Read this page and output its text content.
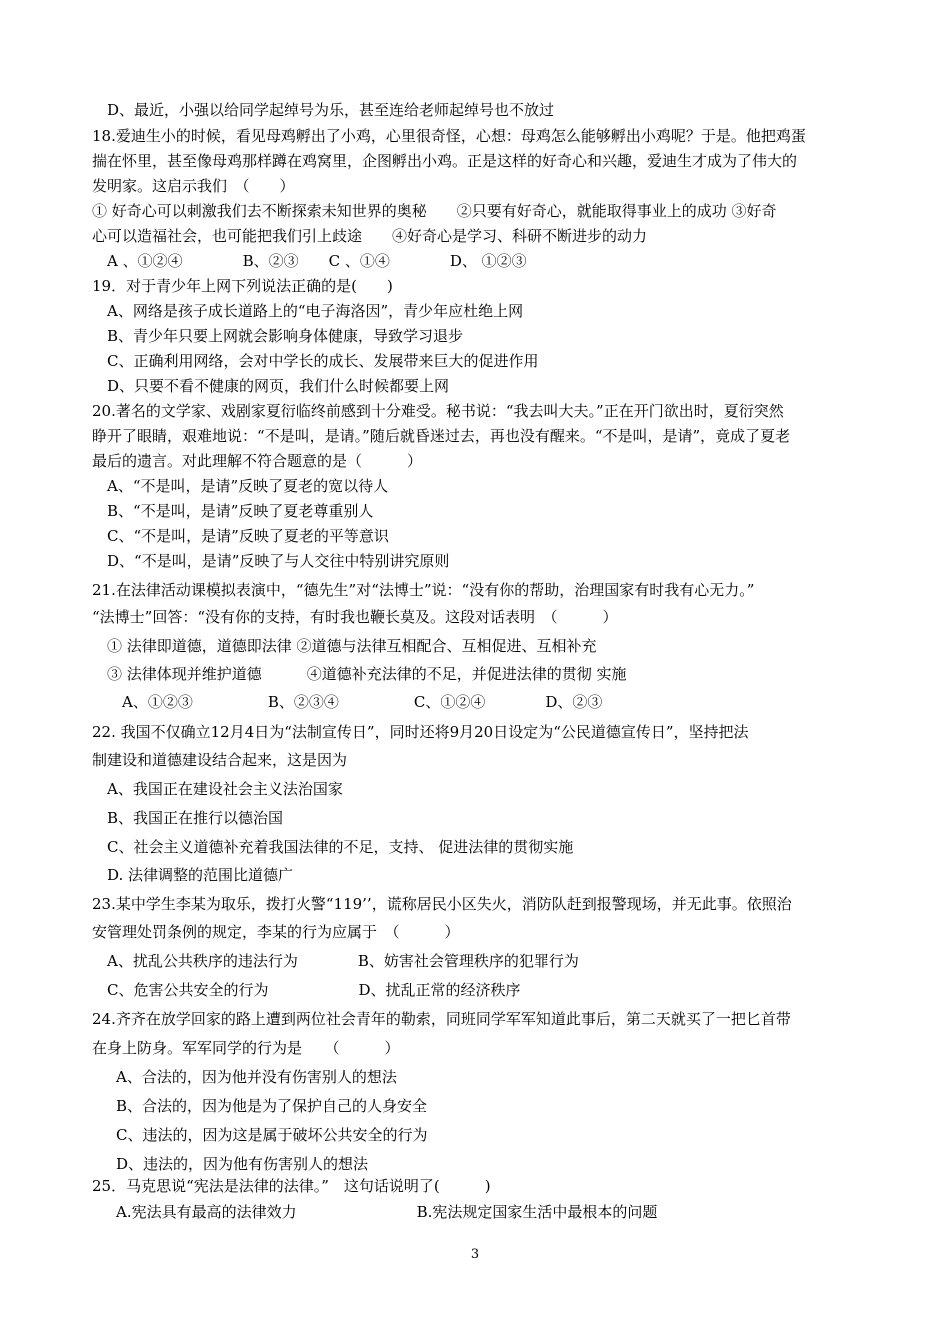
D、最近，小强以给同学起绰号为乐，甚至连给老师起绰号也不放过
18.爱迪生小的时候，看见母鸡孵出了小鸡，心里很奇怪，心想：母鸡怎么能够孵出小鸡呢？于是。他把鸡蛋
揣在怀里，甚至像母鸡那样蹲在鸡窝里，企图孵出小鸡。正是这样的好奇心和兴趣，爱迪生才成为了伟大的
发明家。这启示我们　（　　）
① 好奇心可以刺激我们去不断探索未知世界的奥秘　　②只要有好奇心，就能取得事业上的成功 ③好奇
心可以造福社会，也可能把我们引上歧途　　④好奇心是学习、科研不断进步的动力
A 、①②④　　　　B、②③　　C 、①④　　　　D、 ①②③
19．对于青少年上网下列说法正确的是(　　)
A、网络是孩子成长道路上的“电子海洛因”，青少年应杜绝上网
B、青少年只要上网就会影响身体健康，导致学习退步
C、正确利用网络，会对中学长的成长、发展带来巨大的促进作用
D、只要不看不健康的网页，我们什么时候都要上网
20.著名的文学家、戏剧家夏衍临终前感到十分难受。秘书说：“我去叫大夫。”正在开门欲出时，夏衍突然
睁开了眼睛，艰难地说：“不是叫，是请。”随后就昏迷过去，再也没有醒来。“不是叫，是请”，竟成了夏老
最后的遗言。对此理解不符合题意的是（　　　）
A、“不是叫，是请”反映了夏老的宽以待人
B、“不是叫，是请”反映了夏老尊重别人
C、“不是叫，是请”反映了夏老的平等意识
D、“不是叫，是请”反映了与人交往中特别讲究原则
21.在法律活动课模拟表演中，“德先生”对“法博士”说：“没有你的帮助，治理国家有时我有心无力。”
“法博士”回答：“没有你的支持，有时我也鞭长莫及。这段对话表明　（　　　）
① 法律即道德，道德即法律 ②道德与法律互相配合、互相促进、互相补充
③ 法律体现并维护道德　　　④道德补充法律的不足，并促进法律的贯彻 实施
A、①②③　　　　　B、②③④　　　　　C、①②④　　　　D、②③
22. 我国不仅确立12月4日为“法制宣传日”，同时还将9月20日设定为“公民道德宣传日”，坚持把法
制建设和道德建设结合起来，这是因为
A、我国正在建设社会主义法治国家
B、我国正在推行以德治国
C、社会主义道德补充着我国法律的不足，支持、 促进法律的贯彻实施
D. 法律调整的范围比道德广
23.某中学生李某为取乐，拨打火警“119’’，谎称居民小区失火，消防队赶到报警现场，并无此事。依照治
安管理处罚条例的规定，李某的行为应属于　（　　　）
A、扰乱公共秩序的违法行为　　　　B、妨害社会管理秩序的犯罪行为
C、危害公共安全的行为　　　　　　D、扰乱正常的经济秩序
24.齐齐在放学回家的路上遭到两位社会青年的勒索，同班同学军军知道此事后，第二天就买了一把匕首带
在身上防身。军军同学的行为是　　（　　　）
A、合法的，因为他并没有伤害别人的想法
B、合法的，因为他是为了保护自己的人身安全
C、违法的，因为这是属于破坏公共安全的行为
D、违法的，因为他有伤害别人的想法
25．马克思说“宪法是法律的法律。”　这句话说明了(　　　)
A.宪法具有最高的法律效力　　　　　　　　B.宪法规定国家生活中最根本的问题
3
